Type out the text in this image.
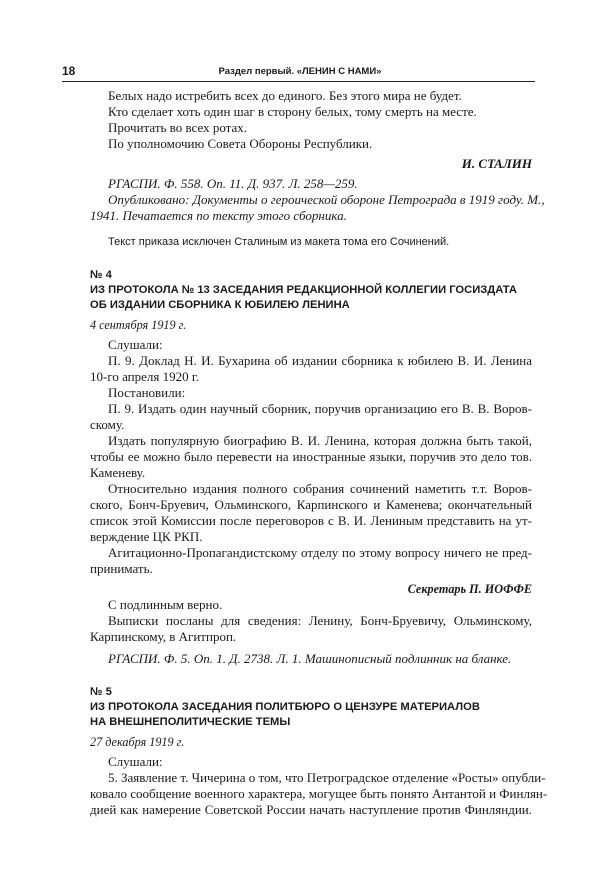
18	Раздел первый. «ЛЕНИН С НАМИ»
Белых надо истребить всех до единого. Без этого мира не будет.
Кто сделает хоть один шаг в сторону белых, тому смерть на месте.
Прочитать во всех ротах.
По уполномочию Совета Обороны Республики.
И. СТАЛИН
РГАСПИ. Ф. 558. Оп. 11. Д. 937. Л. 258—259.
Опубликовано: Документы о героической обороне Петрограда в 1919 году. М.,
1941. Печатается по тексту этого сборника.
Текст приказа исключен Сталиным из макета тома его Сочинений.
№ 4
ИЗ ПРОТОКОЛА № 13 ЗАСЕДАНИЯ РЕДАКЦИОННОЙ КОЛЛЕГИИ ГОСИЗДАТА
ОБ ИЗДАНИИ СБОРНИКА К ЮБИЛЕЮ ЛЕНИНА
4 сентября 1919 г.
Слушали:
П. 9. Доклад Н. И. Бухарина об издании сборника к юбилею В. И. Ленина
10-го апреля 1920 г.
Постановили:
П. 9. Издать один научный сборник, поручив организацию его В. В. Воров-
скому.
Издать популярную биографию В. И. Ленина, которая должна быть такой,
чтобы ее можно было перевести на иностранные языки, поручив это дело тов.
Каменеву.
Относительно издания полного собрания сочинений наметить т.т. Воров-
ского, Бонч-Бруевич, Ольминского, Карпинского и Каменева; окончательный
список этой Комиссии после переговоров с В. И. Лениным представить на ут-
верждение ЦК РКП.
Агитационно-Пропагандистскому отделу по этому вопросу ничего не пред-
принимать.
Секретарь П. ИОФФЕ
С подлинным верно.
Выписки посланы для сведения: Ленину, Бонч-Бруевичу, Ольминскому,
Карпинскому, в Агитпроп.
РГАСПИ. Ф. 5. Оп. 1. Д. 2738. Л. 1. Машинописный подлинник на бланке.
№ 5
ИЗ ПРОТОКОЛА ЗАСЕДАНИЯ ПОЛИТБЮРО О ЦЕНЗУРЕ МАТЕРИАЛОВ
НА ВНЕШНЕПОЛИТИЧЕСКИЕ ТЕМЫ
27 декабря 1919 г.
Слушали:
5. Заявление т. Чичерина о том, что Петроградское отделение «Росты» опубли-
ковало сообщение военного характера, могущее быть понято Антантой и Финлян-
дией как намерение Советской России начать наступление против Финляндии.
